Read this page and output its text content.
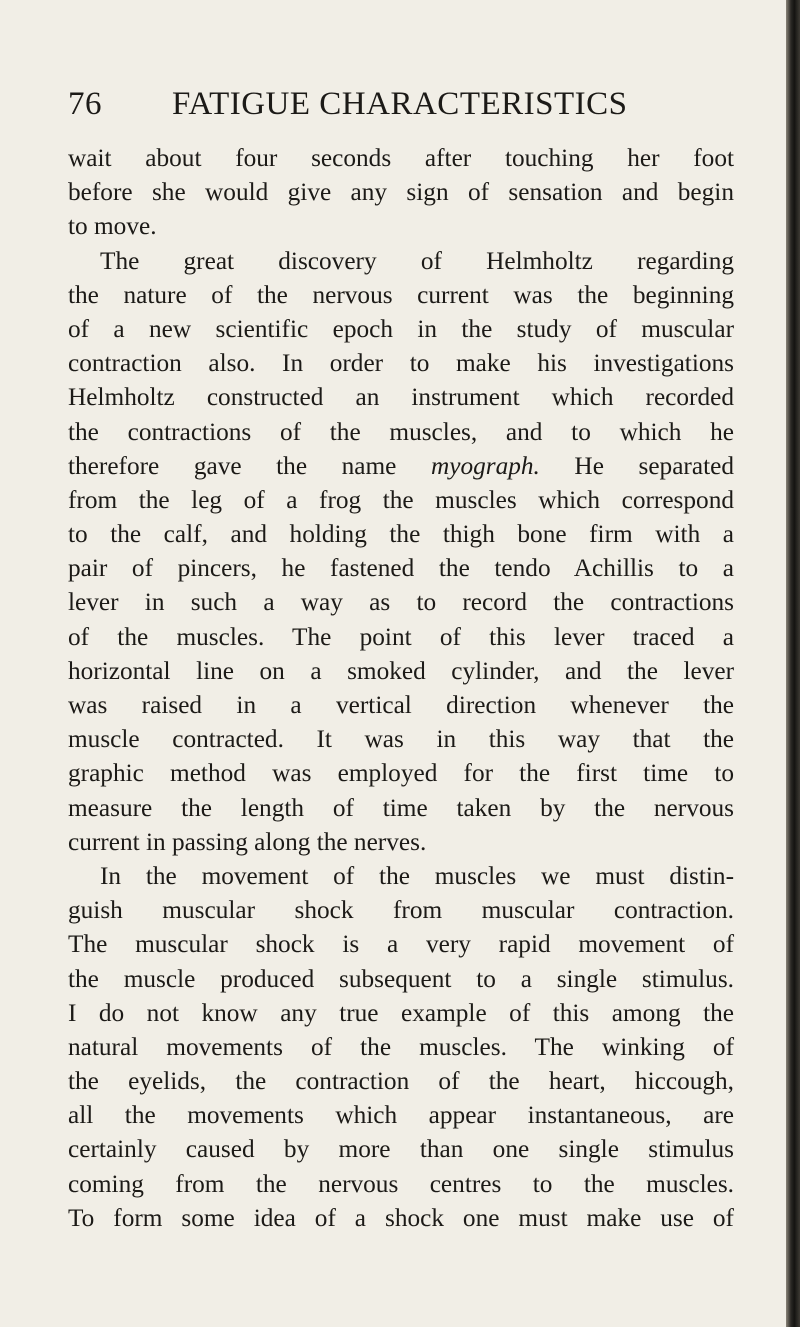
76 FATIGUE CHARACTERISTICS
wait about four seconds after touching her foot
before she would give any sign of sensation and begin
to move.
The great discovery of Helmholtz regarding
the nature of the nervous current was the beginning
of a new scientific epoch in the study of muscular
contraction also. In order to make his investigations
Helmholtz constructed an instrument which recorded
the contractions of the muscles, and to which he
therefore gave the name myograph. He separated
from the leg of a frog the muscles which correspond
to the calf, and holding the thigh bone firm with a
pair of pincers, he fastened the tendo Achillis to a
lever in such a way as to record the contractions
of the muscles. The point of this lever traced a
horizontal line on a smoked cylinder, and the lever
was raised in a vertical direction whenever the
muscle contracted. It was in this way that the
graphic method was employed for the first time to
measure the length of time taken by the nervous
current in passing along the nerves.
In the movement of the muscles we must distin-
guish muscular shock from muscular contraction.
The muscular shock is a very rapid movement of
the muscle produced subsequent to a single stimulus.
I do not know any true example of this among the
natural movements of the muscles. The winking of
the eyelids, the contraction of the heart, hiccough,
all the movements which appear instantaneous, are
certainly caused by more than one single stimulus
coming from the nervous centres to the muscles.
To form some idea of a shock one must make use of
